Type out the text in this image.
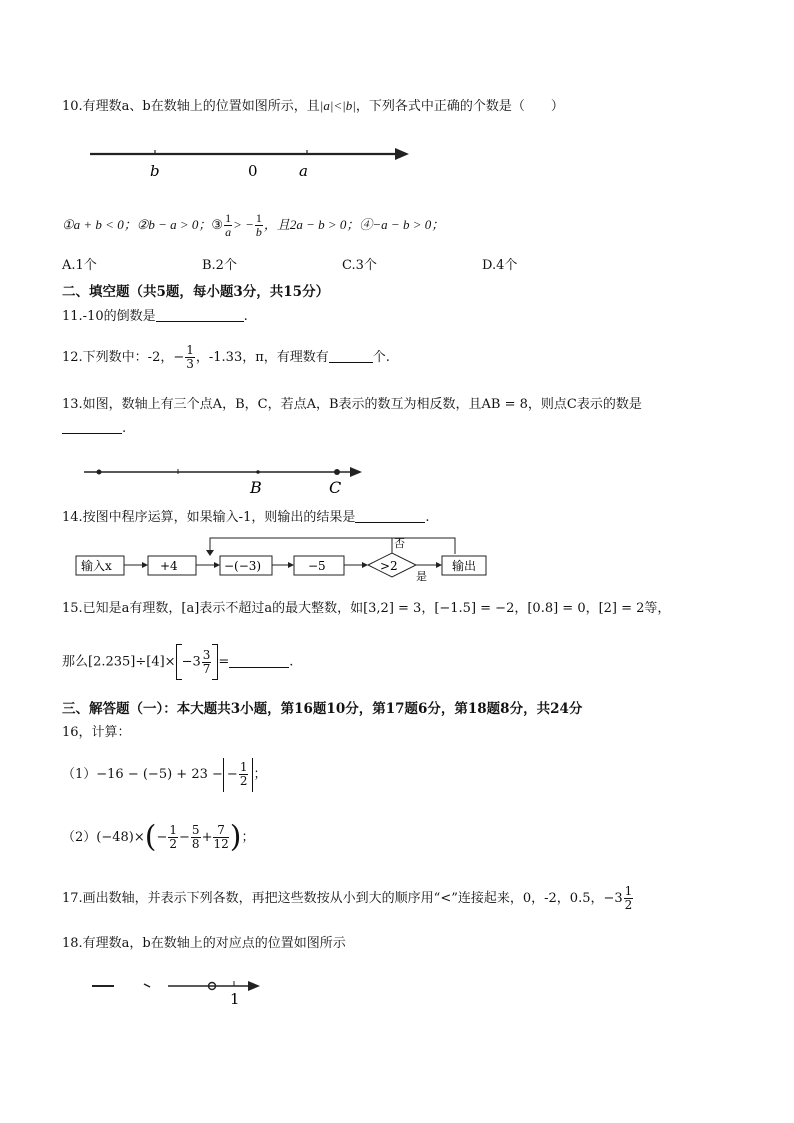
10.有理数a、b在数轴上的位置如图所示，且|a|<|b|，下列各式中正确的个数是（　　）
b	0	a
①a + b < 0；②b − a > 0；③ $\frac{1}{a}$ > − $\frac{1}{b}$ ，且2a − b > 0；④−a − b > 0；
A.1个	B.2个	C.3个	D.4个
二、填空题（共5题，每小题3分，共15分）
11.-10的倒数是	.
12.下列数中：-2，− $\frac{1}{3}$ ，-1.33，π，有理数有	个.
13.如图，数轴上有三个点A，B，C，若点A，B表示的数互为相反数，且AB = 8，则点C表示的数是
.
B	C
14.按图中程序运算，如果输入-1，则输出的结果是	.
输入x	+4	−(−3)	−5	>2
否
是
输出
15.已知是a有理数，[a]表示不超过a的最大整数，如[3,2] = 3，[−1.5] = −2，[0.8] = 0，[2] = 2等，
那么$[2.235]\div[4]\times -3 \frac{3}{7}$ =	.
三、解答题（一）：本大题共3小题，第16题10分，第17题6分，第18题8分，共24分
16，计算：
（1）−16 − (−5) + 23 − − $\frac{1}{2}$ ；
$(2)(-48)\times(- \frac{1}{2} - \frac{5}{8} + \frac{7}{12}$ )；
17.画出数轴，并表示下列各数，再把这些数按从小到大的顺序用“<”连接起来，0，-2，0.5，$-3 \frac{1}{2}$
18.有理数a，b在数轴上的对应点的位置如图所示
1
